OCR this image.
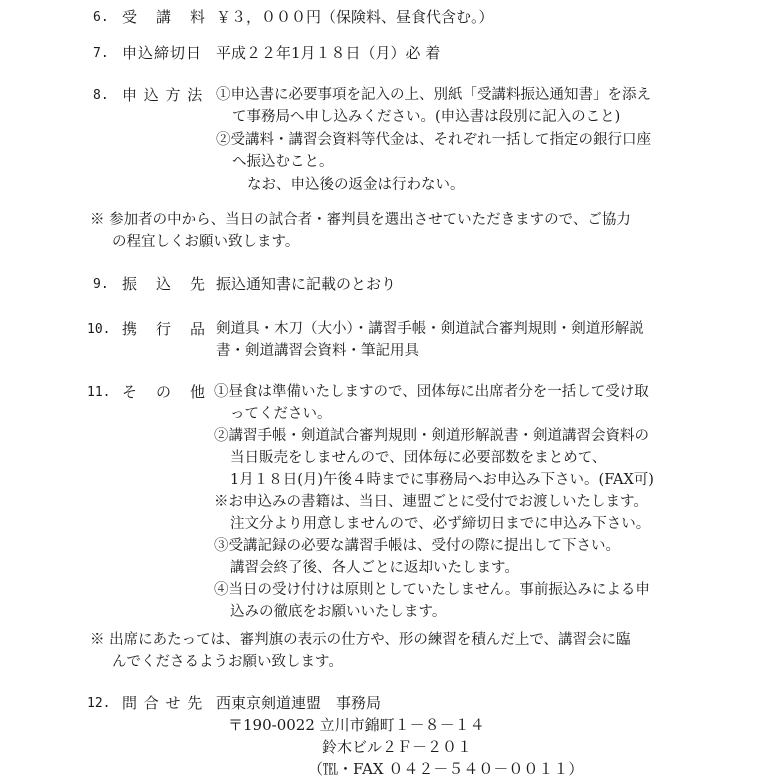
6. 受　講　料 ￥３，０００円（保険料、昼食代含む。）
7. 申込締切日 平成２２年1月１８日（月）必 着
8. 申 込 方 法 ①申込書に必要事項を記入の上、別紙「受講料振込通知書」を添え
て事務局へ申し込みください。(申込書は段別に記入のこと)
②受講料・講習会資料等代金は、それぞれ一括して指定の銀行口座
へ振込むこと。
なお、申込後の返金は行わない。
※ 参加者の中から、当日の試合者・審判員を選出させていただきますので、ご協力
の程宜しくお願い致します。
9. 振　込　先 振込通知書に記載のとおり
10. 携　行　品 剣道具・木刀（大小）・講習手帳・剣道試合審判規則・剣道形解説
書・剣道講習会資料・筆記用具
11. そ　の　他 ①昼食は準備いたしますので、団体毎に出席者分を一括して受け取
ってください。
②講習手帳・剣道試合審判規則・剣道形解説書・剣道講習会資料の
当日販売をしませんので、団体毎に必要部数をまとめて、
1月１８日(月)午後４時までに事務局へお申込み下さい。(FAX可)
※お申込みの書籍は、当日、連盟ごとに受付でお渡しいたします。
注文分より用意しませんので、必ず締切日までに申込み下さい。
③受講記録の必要な講習手帳は、受付の際に提出して下さい。
講習会終了後、各人ごとに返却いたします。
④当日の受け付けは原則としていたしません。事前振込みによる申
込みの徹底をお願いいたします。
※ 出席にあたっては、審判旗の表示の仕方や、形の練習を積んだ上で、講習会に臨
んでくださるようお願い致します。
12. 問 合 せ 先 西東京剣道連盟　事務局
〒190-0022 立川市錦町１－８－１４
鈴木ビル２Ｆ－２０１
（℡・FAX ０４２－５４０－００１１）
